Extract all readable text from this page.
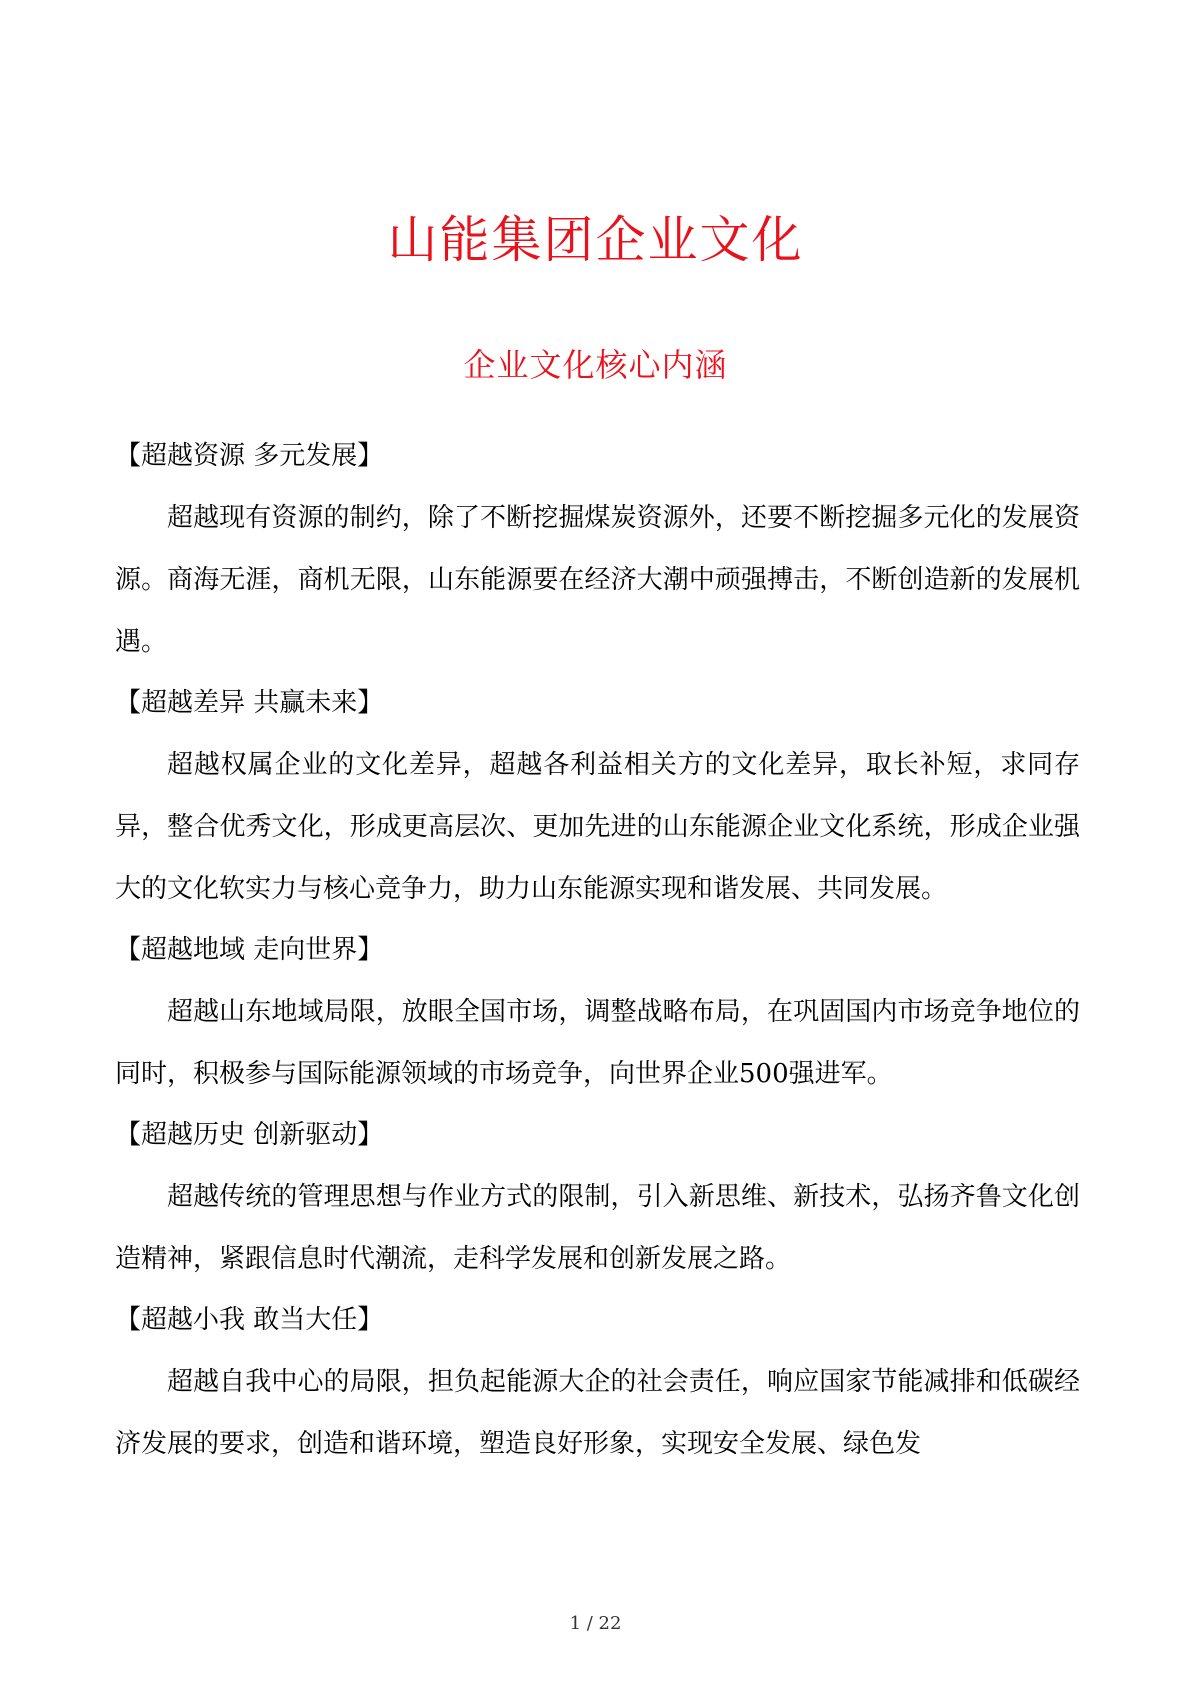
山能集团企业文化
企业文化核心内涵
【超越资源 多元发展】
超越现有资源的制约，除了不断挖掘煤炭资源外，还要不断挖掘多元化的发展资源。商海无涯，商机无限，山东能源要在经济大潮中顽强搏击，不断创造新的发展机遇。
【超越差异 共赢未来】
超越权属企业的文化差异，超越各利益相关方的文化差异，取长补短，求同存异，整合优秀文化，形成更高层次、更加先进的山东能源企业文化系统，形成企业强大的文化软实力与核心竞争力，助力山东能源实现和谐发展、共同发展。
【超越地域 走向世界】
超越山东地域局限，放眼全国市场，调整战略布局，在巩固国内市场竞争地位的同时，积极参与国际能源领域的市场竞争，向世界企业500强进军。
【超越历史 创新驱动】
超越传统的管理思想与作业方式的限制，引入新思维、新技术，弘扬齐鲁文化创造精神，紧跟信息时代潮流，走科学发展和创新发展之路。
【超越小我 敢当大任】
超越自我中心的局限，担负起能源大企的社会责任，响应国家节能减排和低碳经济发展的要求，创造和谐环境，塑造良好形象，实现安全发展、绿色发
1 / 22
